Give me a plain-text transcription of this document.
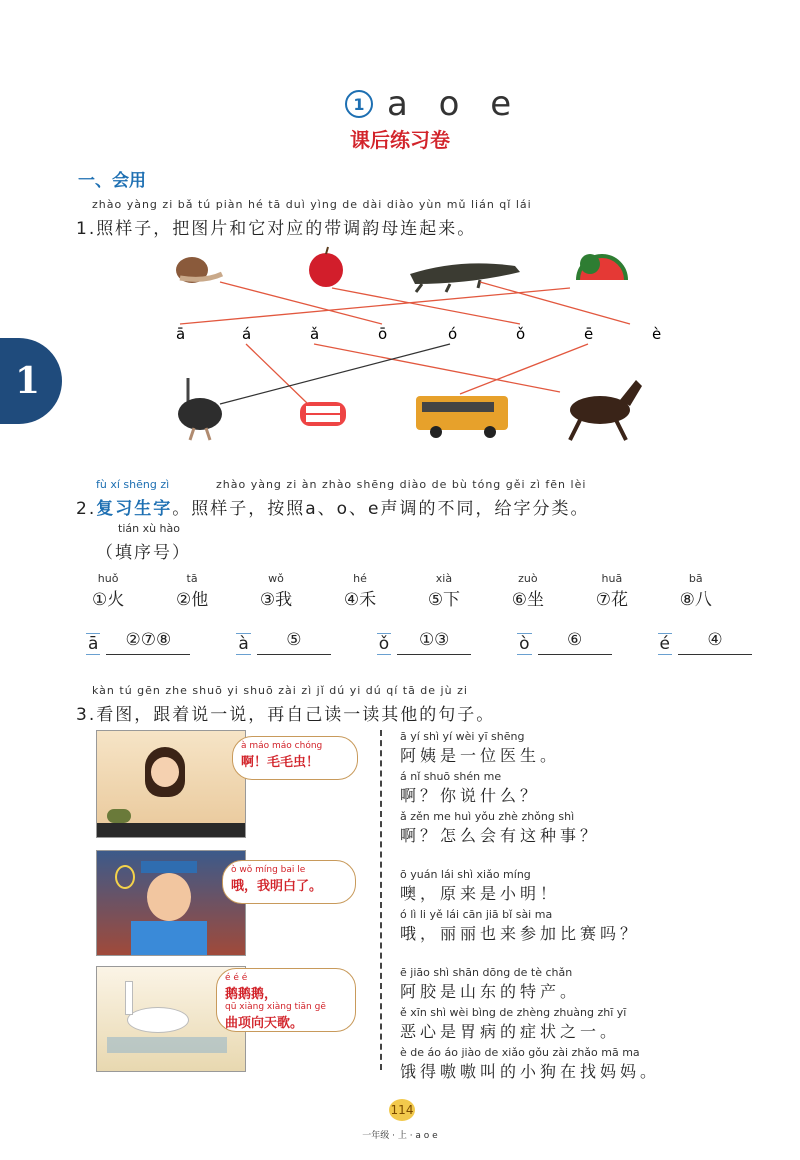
1
1 a o e
课后练习卷
一、会用
zhào yàng zi bǎ tú piàn hé tā duì yìng de dài diào yùn mǔ lián qǐ lái
1.照样子，把图片和它对应的带调韵母连起来。
ā	á	ǎ	ō	ó	ǒ	ē	è
fù xí shēng zì	zhào yàng zi àn zhào shēng diào de bù tóng gěi zì fēn lèi
2.复习生字。照样子，按照a、o、e声调的不同，给字分类。
tián xù hào
（填序号）
huǒ
①火
tā
②他
wǒ
③我
hé
④禾
xià
⑤下
zuò
⑥坐
huā
⑦花
bā
⑧八
ā	②⑦⑧	à	⑤	ǒ	①③	ò	⑥	é	④
kàn tú gēn zhe shuō yi shuō zài zì jǐ dú yi dú qí tā de jù zi
3.看图，跟着说一说，再自己读一读其他的句子。
à máo máo chóng
啊！毛毛虫！
ò wǒ míng bai le
哦，我明白了。
é é é
鹅鹅鹅，
qū xiàng xiàng tiān gē
曲项向天歌。
ā yí shì yí wèi yī shēng
阿姨是一位医生。
á nǐ shuō shén me
啊？你说什么？
ǎ zěn me huì yǒu zhè zhǒng shì
啊？怎么会有这种事？
ō yuán lái shì xiǎo míng
噢，原来是小明！
ó lì li yě lái cān jiā bǐ sài ma
哦，丽丽也来参加比赛吗？
ē jiāo shì shān dōng de tè chǎn
阿胶是山东的特产。
ě xīn shì wèi bìng de zhèng zhuàng zhī yī
恶心是胃病的症状之一。
è de áo áo jiào de xiǎo gǒu zài zhǎo mā ma
饿得嗷嗷叫的小狗在找妈妈。
114
一年级 · 上 · a o e
